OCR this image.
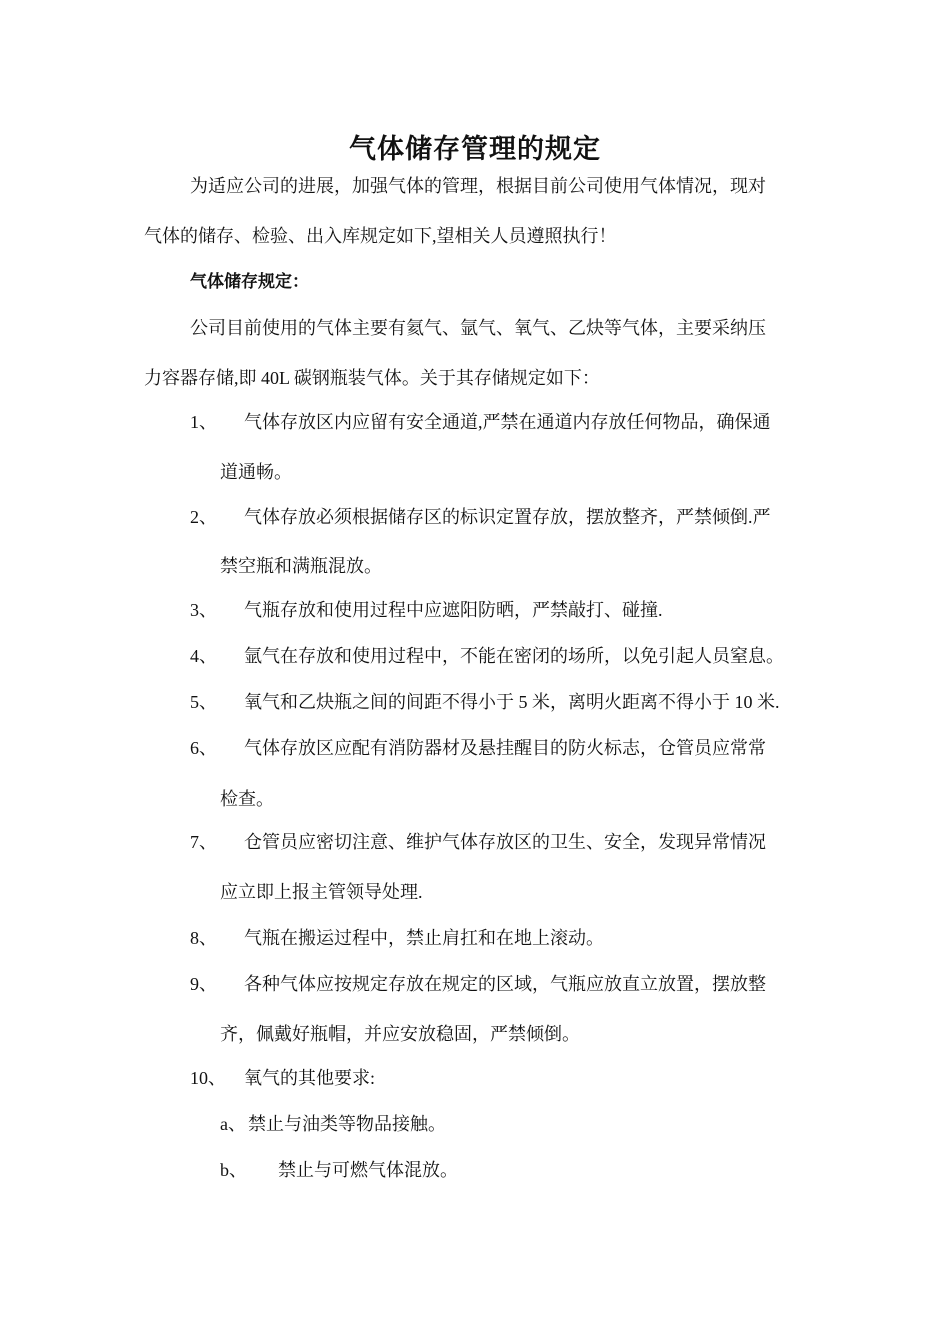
气体储存管理的规定
为适应公司的进展，加强气体的管理，根据目前公司使用气体情况，现对
气体的储存、检验、出入库规定如下,望相关人员遵照执行！
气体储存规定：
公司目前使用的气体主要有氦气、氩气、氧气、乙炔等气体，主要采纳压
力容器存储,即 40L 碳钢瓶装气体。关于其存储规定如下：
1、 气体存放区内应留有安全通道,严禁在通道内存放任何物品，确保通
道通畅。
2、 气体存放必须根据储存区的标识定置存放，摆放整齐，严禁倾倒.严
禁空瓶和满瓶混放。
3、 气瓶存放和使用过程中应遮阳防晒，严禁敲打、碰撞.
4、 氩气在存放和使用过程中，不能在密闭的场所，以免引起人员窒息。
5、 氧气和乙炔瓶之间的间距不得小于 5 米，离明火距离不得小于 10 米.
6、 气体存放区应配有消防器材及悬挂醒目的防火标志，仓管员应常常
检查。
7、 仓管员应密切注意、维护气体存放区的卫生、安全，发现异常情况
应立即上报主管领导处理.
8、 气瓶在搬运过程中，禁止肩扛和在地上滚动。
9、 各种气体应按规定存放在规定的区域，气瓶应放直立放置，摆放整
齐，佩戴好瓶帽，并应安放稳固，严禁倾倒。
10、 氧气的其他要求:
a、 禁止与油类等物品接触。
b、 禁止与可燃气体混放。
